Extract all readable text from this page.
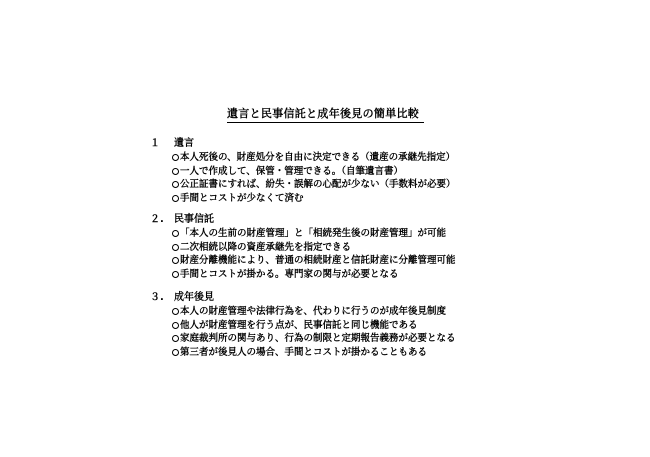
遺言と民事信託と成年後見の簡単比較
１	遺言
本人死後の、財産処分を自由に決定できる（遺産の承継先指定）
一人で作成して、保管・管理できる。（自筆遺言書）
公正証書にすれば、紛失・誤解の心配が少ない（手数料が必要）
手間とコストが少なくて済む
２.	民事信託
「本人の生前の財産管理」と「相続発生後の財産管理」が可能
二次相続以降の資産承継先を指定できる
財産分離機能により、普通の相続財産と信託財産に分離管理可能
手間とコストが掛かる。専門家の関与が必要となる
３.	成年後見
本人の財産管理や法律行為を、代わりに行うのが成年後見制度
他人が財産管理を行う点が、民事信託と同じ機能である
家庭裁判所の関与あり、行為の制限と定期報告義務が必要となる
第三者が後見人の場合、手間とコストが掛かることもある
